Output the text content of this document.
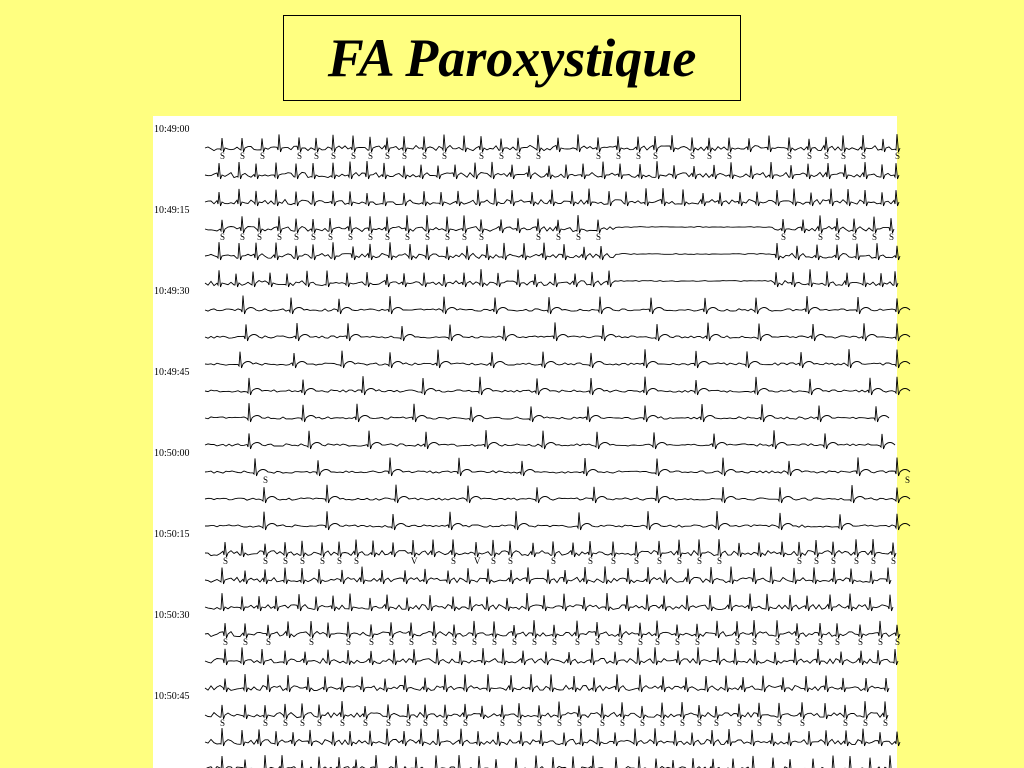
FA Paroxystique
10:49:00
S S S	S S S S S S S S S	S S S S	S S S S	S S S	S S S S S	S
10:49:15
S S S S S S S S S S S S S S S	S S S S	S	S S S S S
10:49:30
10:49:45
10:50:00
S	S
10:50:15
S	S S S S S S	V	S V S S	S	S S S S S S S	S S S S S S
10:50:30
S S S	S	S S S S S S S S S S S S S S S S S S	S S S S S S S S S
10:50:45
S	S S S S S S S S S S S	S S S S S S S S S S S S S S S S	S S S
